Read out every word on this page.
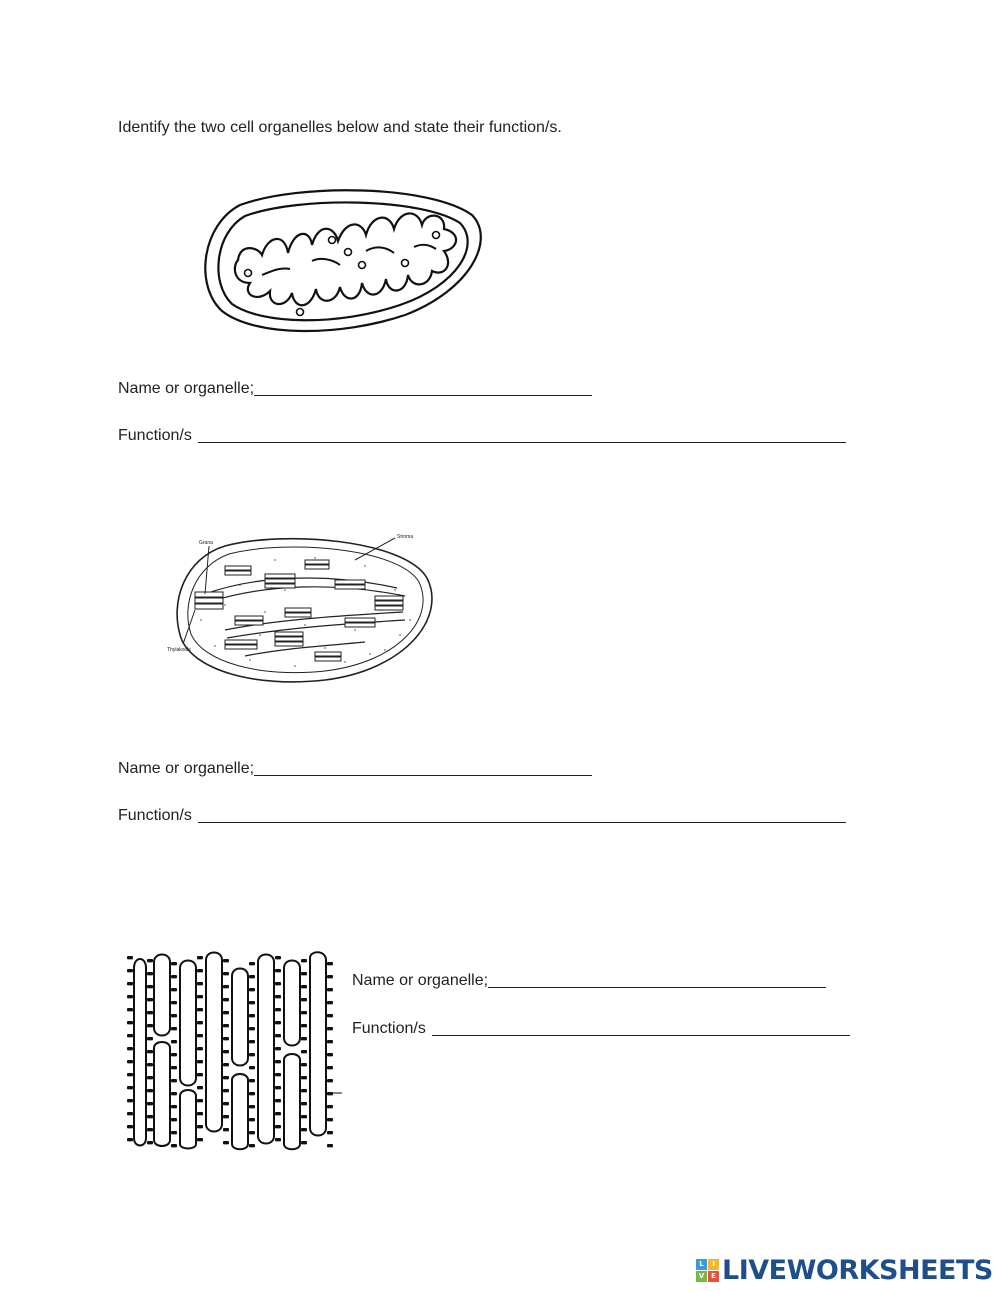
Identify the two cell organelles below and state their function/s.
Name or organelle;
Function/s
Grana
Stroma
Thylakoids
Name or organelle;
Function/s
Name or organelle;
Function/s
L	I
V E LIVEWORKSHEETS
